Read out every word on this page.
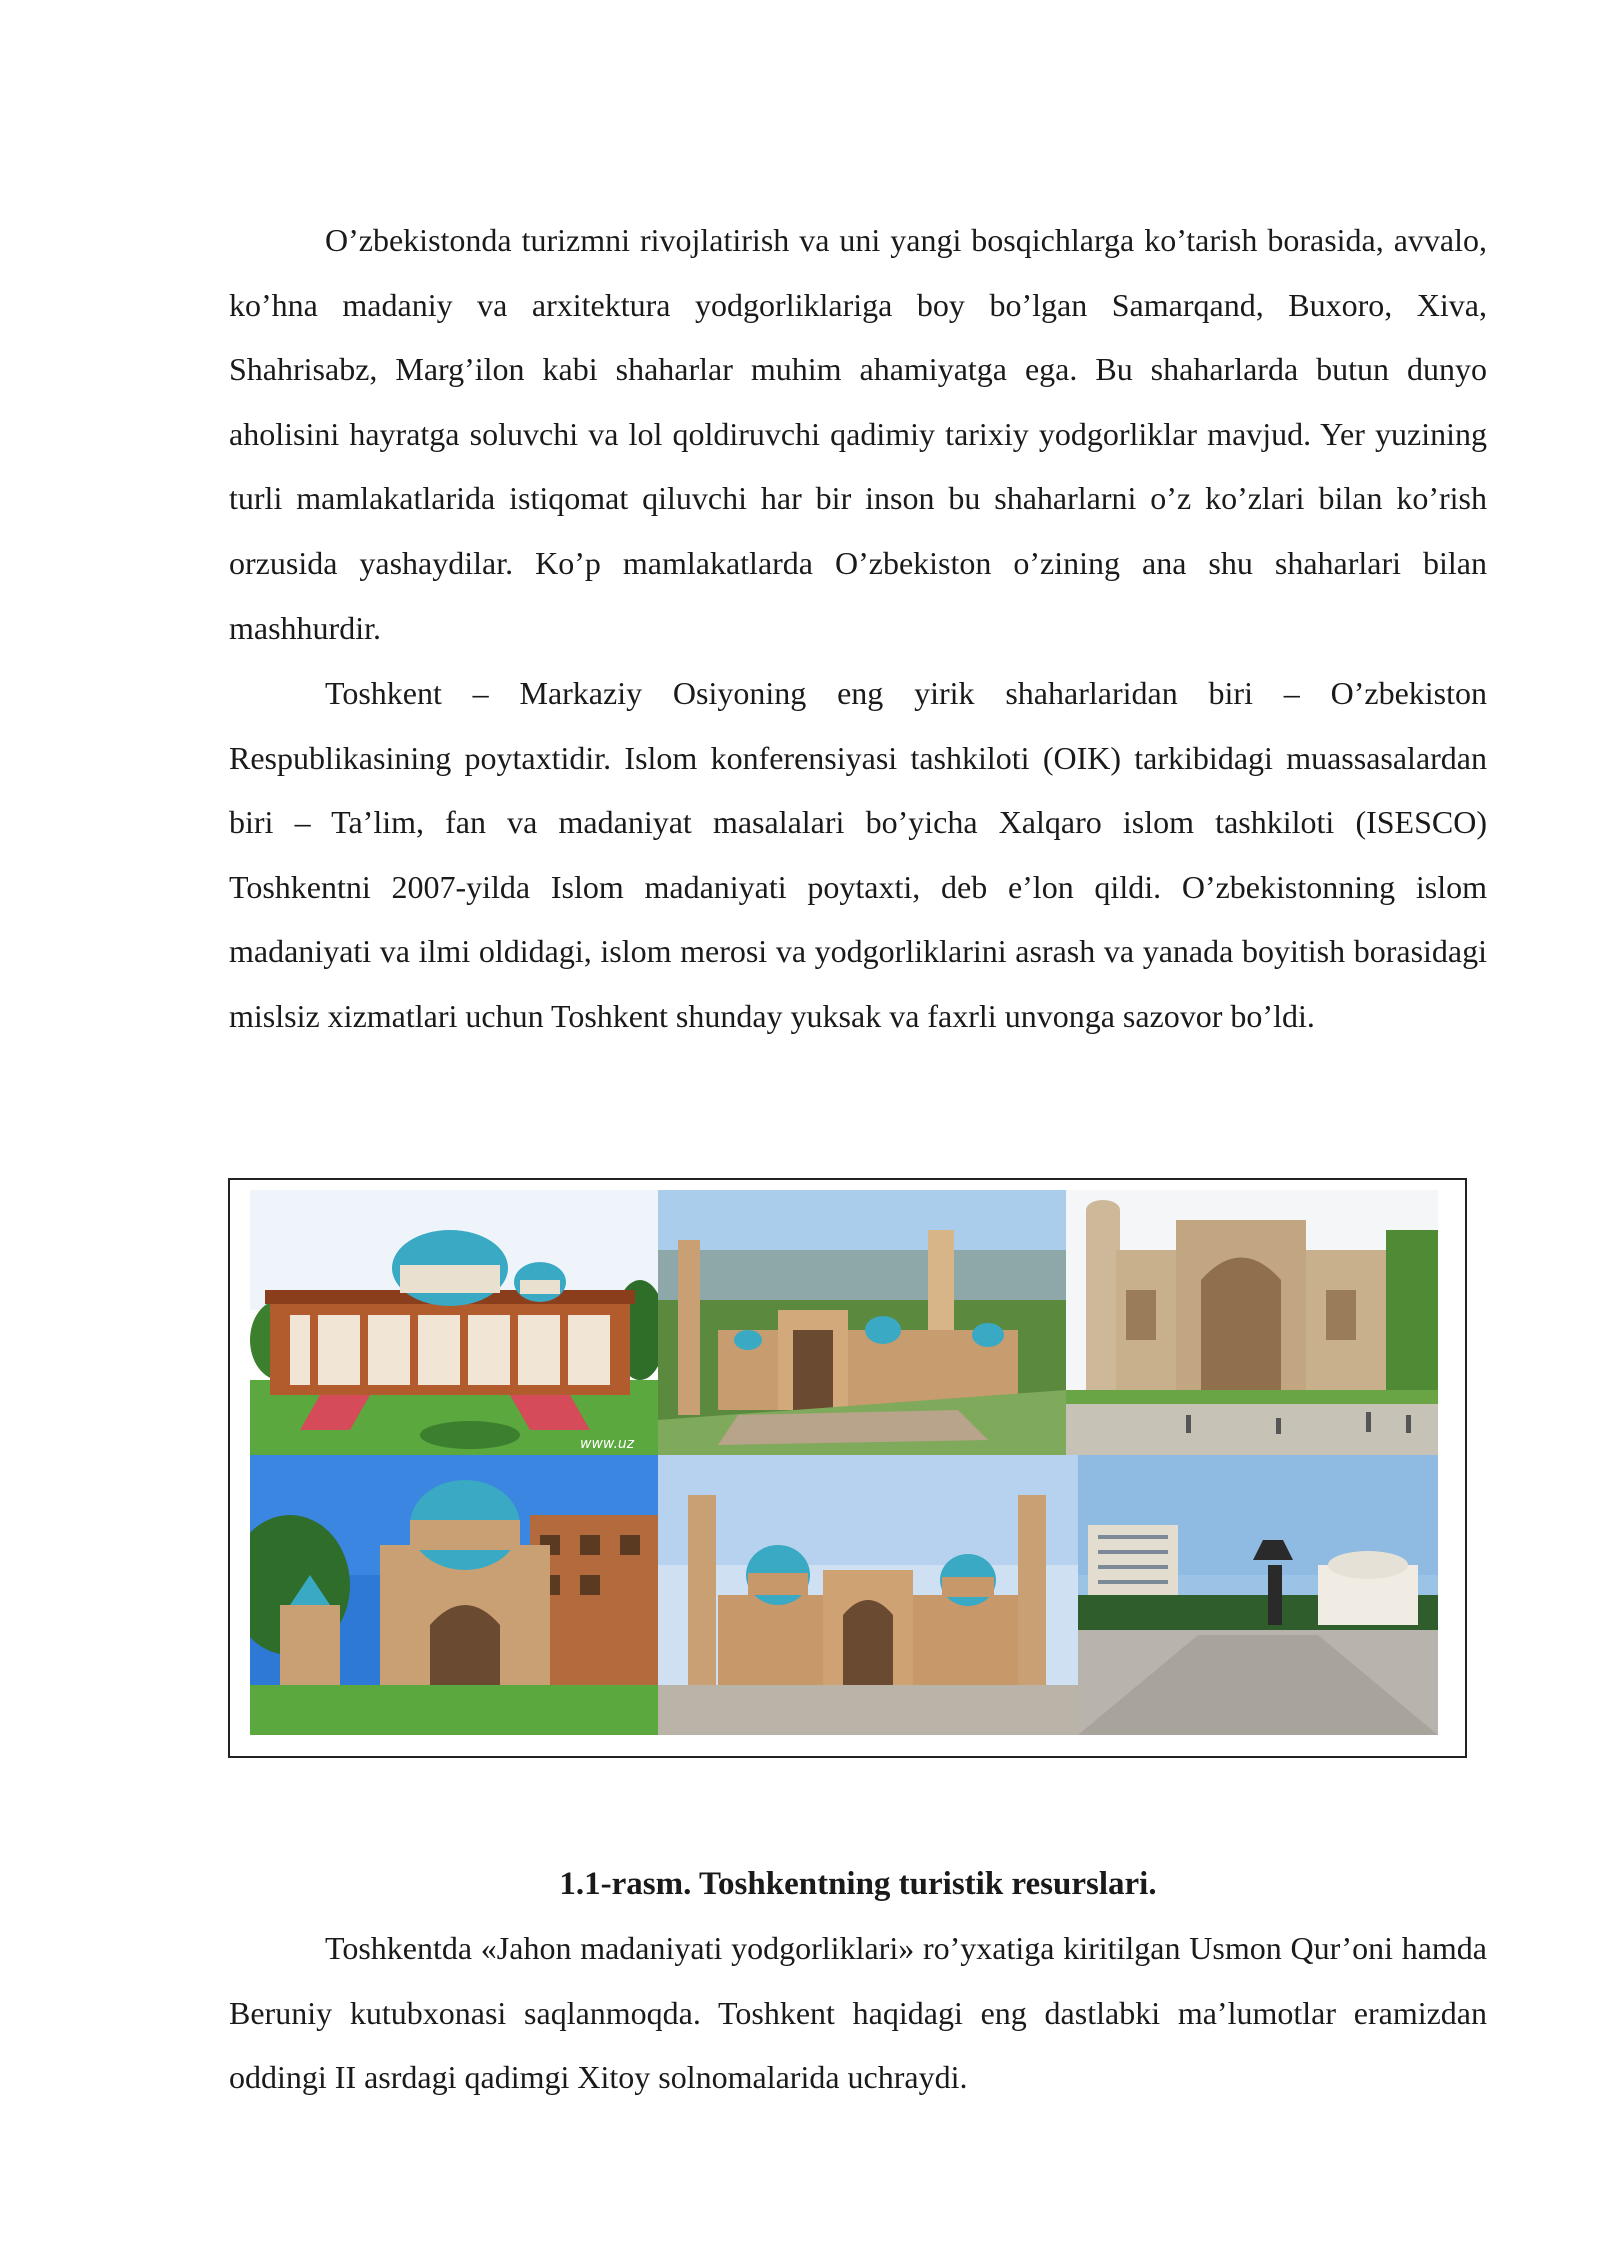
O’zbekistonda turizmni rivojlatirish va uni yangi bosqichlarga ko’tarish borasida, avvalo, ko’hna madaniy va arxitektura yodgorliklariga boy bo’lgan Samarqand, Buxoro, Xiva, Shahrisabz, Marg’ilon kabi shaharlar muhim ahamiyatga ega. Bu shaharlarda butun dunyo aholisini hayratga soluvchi va lol qoldiruvchi qadimiy tarixiy yodgorliklar mavjud. Yer yuzining turli mamlakatlarida istiqomat qiluvchi har bir inson bu shaharlarni o’z ko’zlari bilan ko’rish orzusida yashaydilar. Ko’p mamlakatlarda O’zbekiston o’zining ana shu shaharlari bilan mashhurdir.

Toshkent – Markaziy Osiyoning eng yirik shaharlaridan biri – O’zbekiston Respublikasining poytaxtidir. Islom konferensiyasi tashkiloti (OIK) tarkibidagi muassasalardan biri – Ta’lim, fan va madaniyat masalalari bo’yicha Xalqaro islom tashkiloti (ISESCO) Toshkentni 2007-yilda Islom madaniyati poytaxti, deb e’lon qildi. O’zbekistonning islom madaniyati va ilmi oldidagi, islom merosi va yodgorliklarini asrash va yanada boyitish borasidagi mislsiz xizmatlari uchun Toshkent shunday yuksak va faxrli unvonga sazovor bo’ldi.

www.uz

1.1-rasm. Toshkentning turistik resurslari.

Toshkentda «Jahon madaniyati yodgorliklari» ro’yxatiga kiritilgan Usmon Qur’oni hamda Beruniy kutubxonasi saqlanmoqda. Toshkent haqidagi eng dastlabki ma’lumotlar eramizdan oddingi II asrdagi qadimgi Xitoy solnomalarida uchraydi.
